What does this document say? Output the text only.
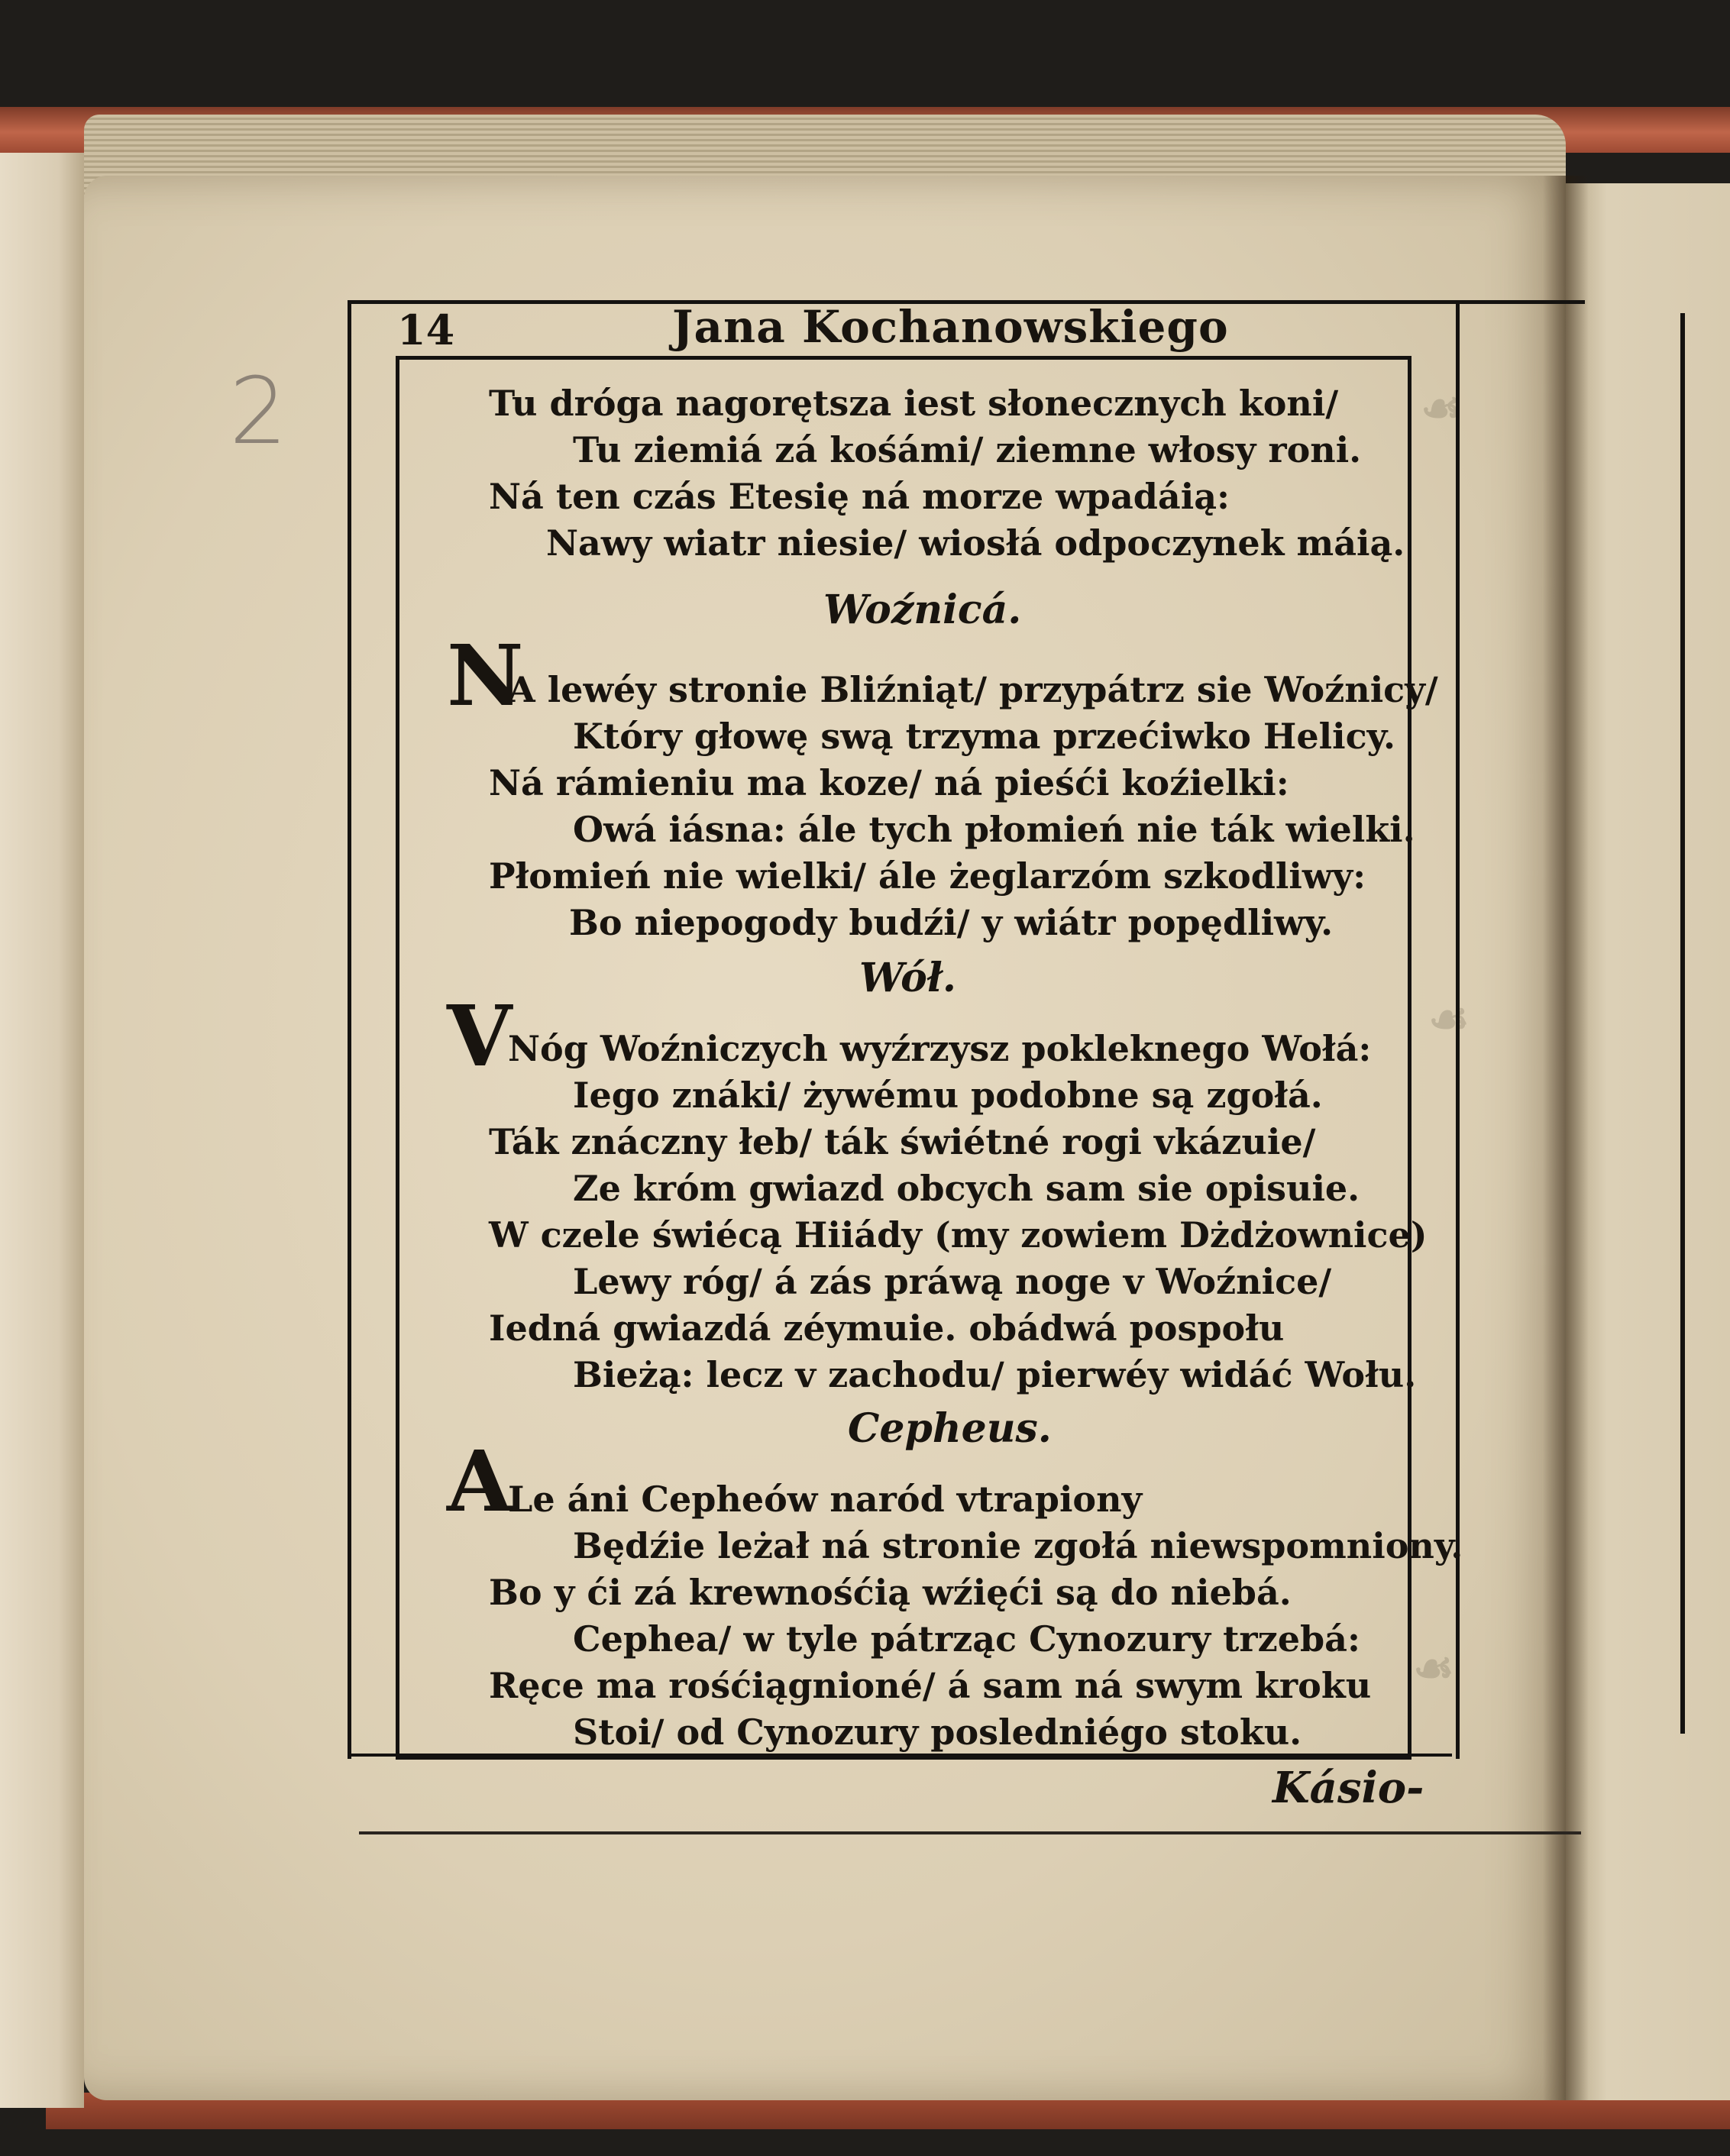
☙
☙
☙
2
14	Jana Kochanowskiego
Tu dróga nagorętsza iest słonecznych koni/
Tu ziemiá zá kośámi/ ziemne włosy roni.
Ná ten czás Etesię ná morze wpadáią:
Nawy wiatr niesie/ wiosłá odpoczynek máią.
Woźnicá.
N
A lewéy stronie Bliźniąt/ przypátrz sie Woźnicy/
Który głowę swą trzyma przećiwko Helicy.
Ná rámieniu ma koze/ ná pieśći koźielki:
Owá iásna: ále tych płomień nie ták wielki.
Płomień nie wielki/ ále żeglarzóm szkodliwy:
Bo niepogody budźi/ y wiátr popędliwy.
Wół.
V
Nóg Woźniczych wyźrzysz pokleknego Wołá:
Iego znáki/ żywému podobne są zgołá.
Ták znáczny łeb/ ták świétné rogi vkázuie/
Ze króm gwiazd obcych sam sie opisuie.
W czele świécą Hiiády (my zowiem Dżdżownice)
Lewy róg/ á zás práwą noge v Woźnice/
Iedná gwiazdá zéymuie. obádwá pospołu
Bieżą: lecz v zachodu/ pierwéy widáć Wołu.
Cepheus.
A
Le áni Cepheów naród vtrapiony
Będźie leżał ná stronie zgołá niewspomniony.
Bo y ći zá krewnośćią wźięći są do niebá.
Cephea/ w tyle pátrząc Cynozury trzebá:
Ręce ma rośćiągnioné/ á sam ná swym kroku
Stoi/ od Cynozury posledniégo stoku.
Kásio-
